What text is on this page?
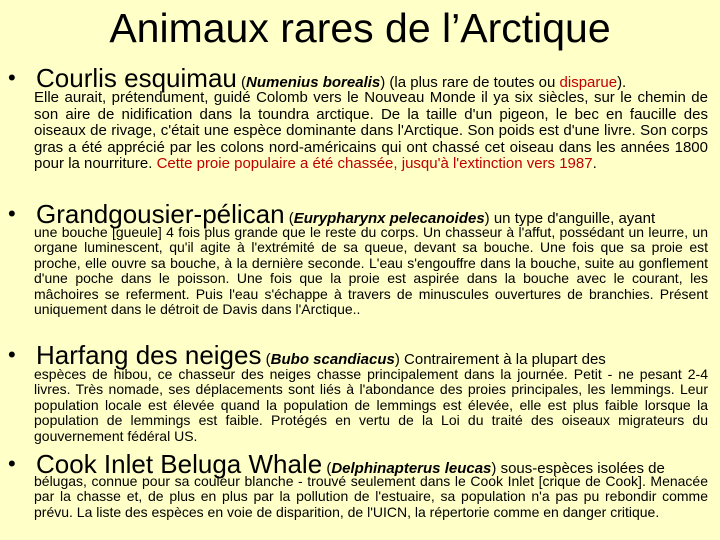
Animaux rares de l’Arctique
• Courlis esquimau (Numenius borealis) (la plus rare de toutes ou disparue).
Elle aurait, prétendument, guidé Colomb vers le Nouveau Monde il ya six siècles, sur le chemin de son aire de nidification dans la toundra arctique. De la taille d'un pigeon, le bec en faucille des oiseaux de rivage, c'était une espèce dominante dans l'Arctique. Son poids est d'une livre. Son corps gras a été apprécié par les colons nord-américains qui ont chassé cet oiseau dans les années 1800 pour la nourriture. Cette proie populaire a été chassée, jusqu'à l'extinction vers 1987.
• Grandgousier-pélican (Eurypharynx pelecanoides) un type d'anguille, ayant
une bouche [gueule] 4 fois plus grande que le reste du corps. Un chasseur à l'affut, possédant un leurre, un organe luminescent, qu'il agite à l'extrémité de sa queue, devant sa bouche. Une fois que sa proie est proche, elle ouvre sa bouche, à la dernière seconde. L'eau s'engouffre dans la bouche, suite au gonflement d'une poche dans le poisson. Une fois que la proie est aspirée dans la bouche avec le courant, les mâchoires se referment. Puis l'eau s'échappe à travers de minuscules ouvertures de branchies. Présent uniquement dans le détroit de Davis dans l'Arctique..
• Harfang des neiges (Bubo scandiacus) Contrairement à la plupart des
espèces de hibou, ce chasseur des neiges chasse principalement dans la journée. Petit - ne pesant 2-4 livres. Très nomade, ses déplacements sont liés à l'abondance des proies principales, les lemmings. Leur population locale est élevée quand la population de lemmings est élevée, elle est plus faible lorsque la population de lemmings est faible. Protégés en vertu de la Loi du traité des oiseaux migrateurs du gouvernement fédéral US.
• Cook Inlet Beluga Whale (Delphinapterus leucas) sous-espèces isolées de
bélugas, connue pour sa couleur blanche - trouvé seulement dans le Cook Inlet [crique de Cook]. Menacée par la chasse et, de plus en plus par la pollution de l'estuaire, sa population n'a pas pu rebondir comme prévu. La liste des espèces en voie de disparition, de l'UICN, la répertorie comme en danger critique.
